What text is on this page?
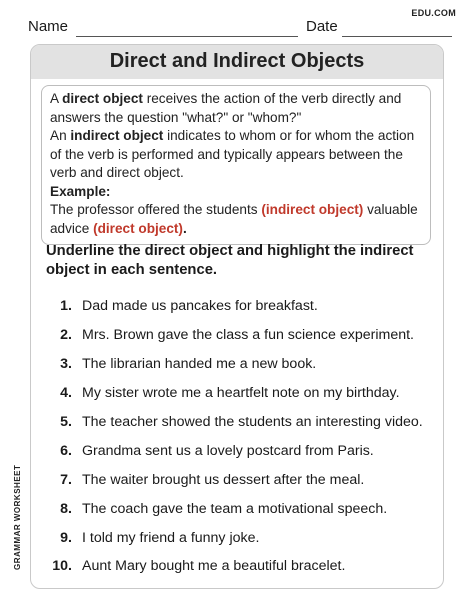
Name	Date
EDU.COM
Direct and Indirect Objects

A direct object receives the action of the verb directly and answers the question "what?" or "whom?"

An indirect object indicates to whom or for whom the action of the verb is performed and typically appears between the verb and direct object.

Example:

The professor offered the students (indirect object) valuable advice (direct object).

Underline the direct object and highlight the indirect object in each sentence.
1. Dad made us pancakes for breakfast.
2. Mrs. Brown gave the class a fun science experiment.
3. The librarian handed me a new book.
4. My sister wrote me a heartfelt note on my birthday.
5. The teacher showed the students an interesting video.
6. Grandma sent us a lovely postcard from Paris.
7. The waiter brought us dessert after the meal.
8. The coach gave the team a motivational speech.
9. I told my friend a funny joke.
10. Aunt Mary bought me a beautiful bracelet.
GRAMMAR WORKSHEET
